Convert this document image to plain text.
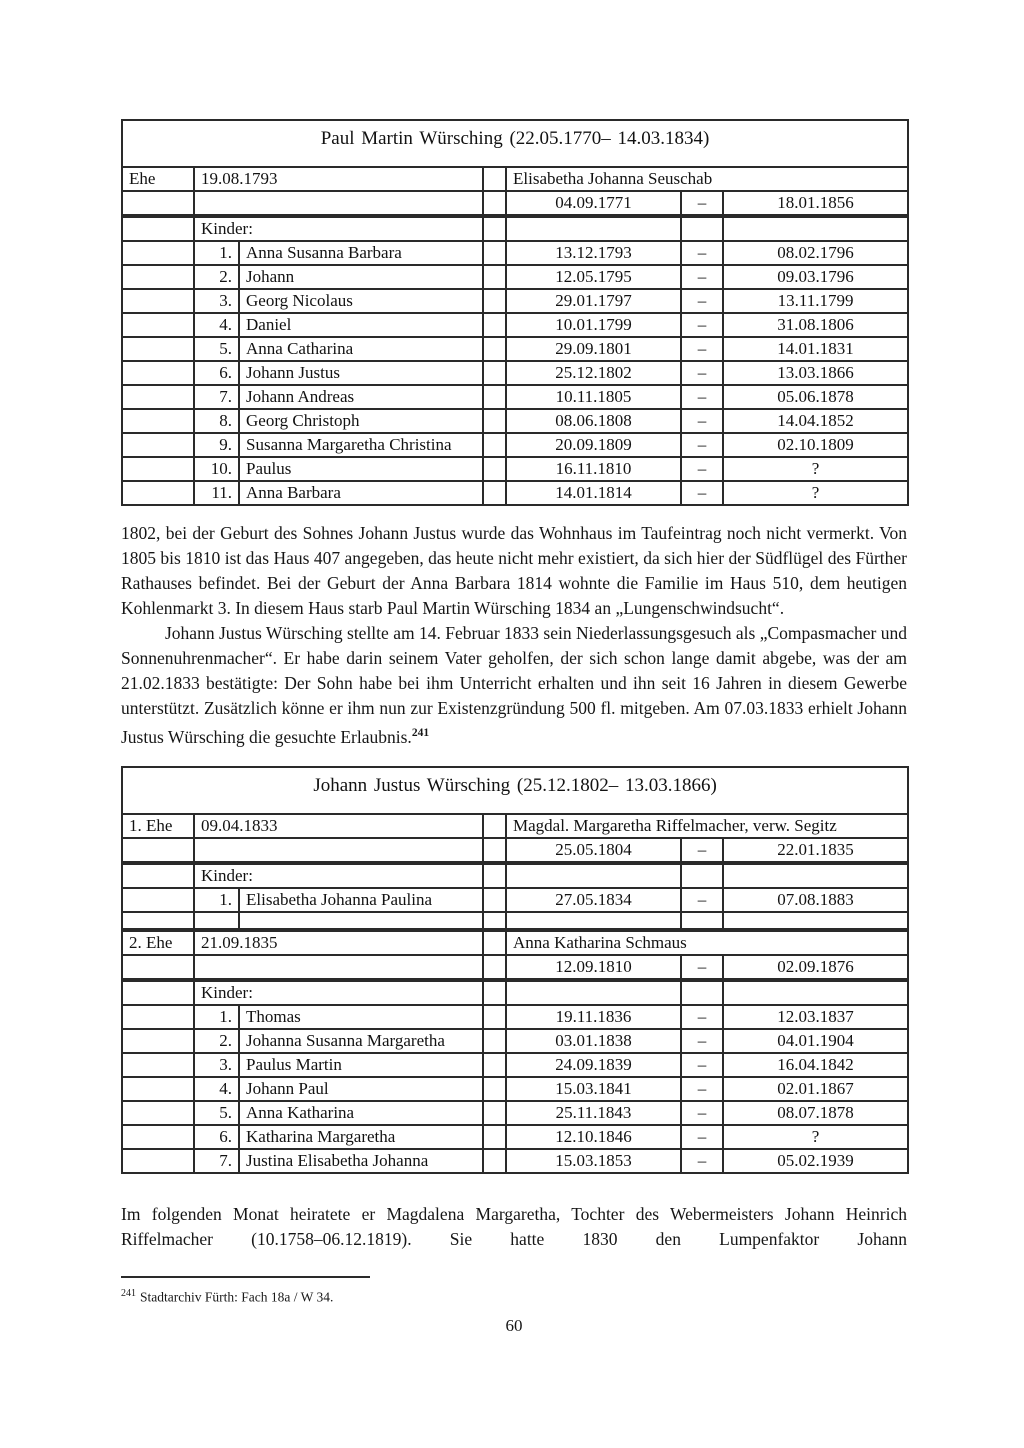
Paul Martin Würsching (22.05.1770– 14.03.1834)						
Ehe	19.08.1793			Elisabetha Johanna Seuschab		
				04.09.1771	–	18.01.1856
	Kinder:					
	1.	Anna Susanna Barbara		13.12.1793	–	08.02.1796
	2.	Johann		12.05.1795	–	09.03.1796
	3.	Georg Nicolaus		29.01.1797	–	13.11.1799
	4.	Daniel		10.01.1799	–	31.08.1806
	5.	Anna Catharina		29.09.1801	–	14.01.1831
	6.	Johann Justus		25.12.1802	–	13.03.1866
	7.	Johann Andreas		10.11.1805	–	05.06.1878
	8.	Georg Christoph		08.06.1808	–	14.04.1852
	9.	Susanna Margaretha Christina		20.09.1809	–	02.10.1809
	10.	Paulus		16.11.1810	–	?
	11.	Anna Barbara		14.01.1814	–	?

1802, bei der Geburt des Sohnes Johann Justus wurde das Wohnhaus im Taufeintrag noch nicht vermerkt. Von 1805 bis 1810 ist das Haus 407 angegeben, das heute nicht mehr existiert, da sich hier der Südflügel des Fürther Rathauses befindet. Bei der Geburt der Anna Barbara 1814 wohnte die Familie im Haus 510, dem heutigen Kohlenmarkt 3. In diesem Haus starb Paul Martin Würsching 1834 an „Lungenschwindsucht“.

Johann Justus Würsching stellte am 14. Februar 1833 sein Niederlassungsgesuch als „Compasmacher und Sonnenuhrenmacher“. Er habe darin seinem Vater geholfen, der sich schon lange damit abgebe, was der am 21.02.1833 bestätigte: Der Sohn habe bei ihm Unterricht erhalten und ihn seit 16 Jahren in diesem Gewerbe unterstützt. Zusätzlich könne er ihm nun zur Existenzgründung 500 fl. mitgeben. Am 07.03.1833 erhielt Johann Justus Würsching die gesuchte Erlaubnis.$^{241}$

Johann Justus Würsching (25.12.1802– 13.03.1866)						
1. Ehe	09.04.1833			Magdal. Margaretha Riffelmacher, verw. Segitz		
				25.05.1804	–	22.01.1835
	Kinder:					
	1.	Elisabetha Johanna Paulina		27.05.1834	–	07.08.1883

2. Ehe	21.09.1835			Anna Katharina Schmaus		
				12.09.1810	–	02.09.1876
	Kinder:					
	1.	Thomas		19.11.1836	–	12.03.1837
	2.	Johanna Susanna Margaretha		03.01.1838	–	04.01.1904
	3.	Paulus Martin		24.09.1839	–	16.04.1842
	4.	Johann Paul		15.03.1841	–	02.01.1867
	5.	Anna Katharina		25.11.1843	–	08.07.1878
	6.	Katharina Margaretha		12.10.1846	–	?
	7.	Justina Elisabetha Johanna		15.03.1853	–	05.02.1939

Im folgenden Monat heiratete er Magdalena Margaretha, Tochter des Webermeisters Johann Heinrich Riffelmacher (10.1758–06.12.1819). Sie hatte 1830 den Lumpenfaktor Johann

$^{241}$ Stadtarchiv Fürth: Fach 18a / W 34.

60
